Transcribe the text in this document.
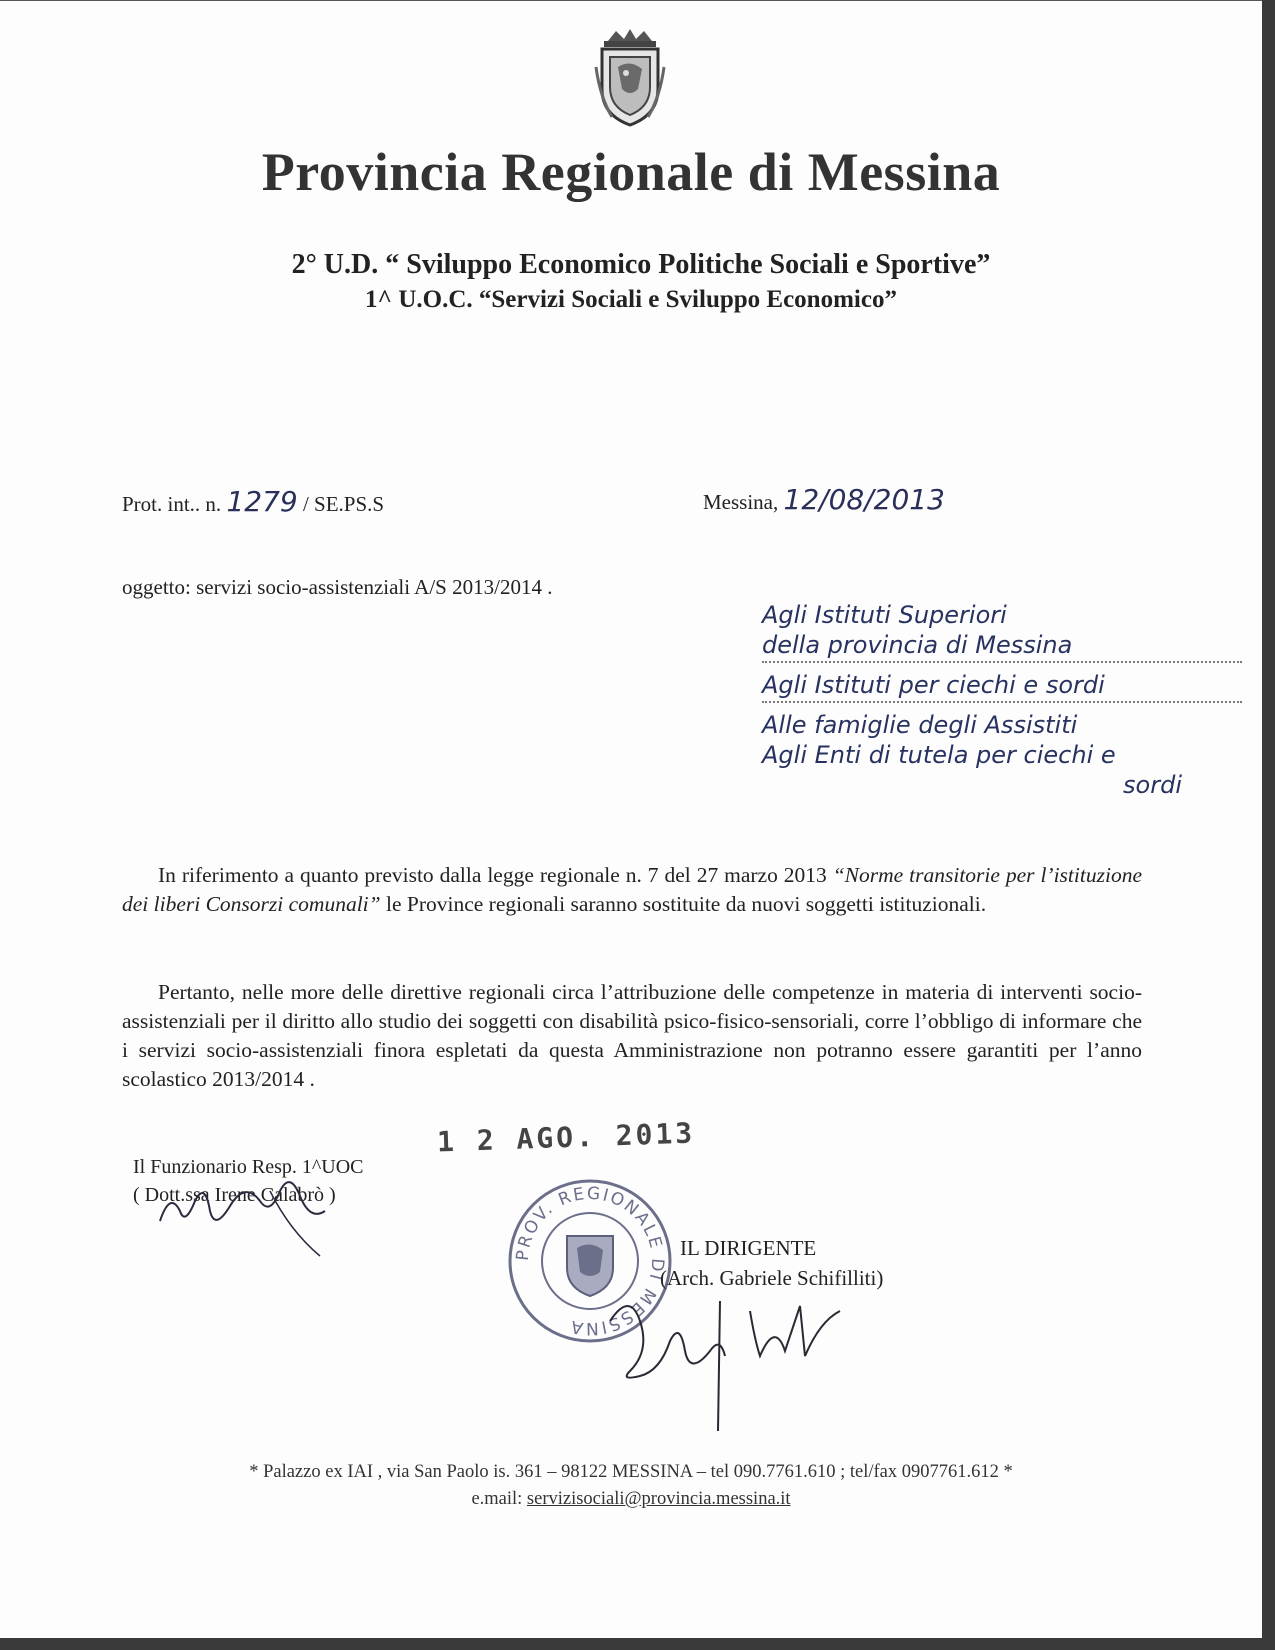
Provincia Regionale di Messina
2° U.D. “ Sviluppo Economico Politiche Sociali e Sportive”
1^ U.O.C. “Servizi Sociali e Sviluppo Economico”
Prot. int.. n. 1279 / SE.PS.S	Messina, 12/08/2013
oggetto: servizi socio-assistenziali A/S 2013/2014 .
Agli Istituti Superiori
della provincia di Messina
Agli Istituti per ciechi e sordi
Alle famiglie degli Assistiti
Agli Enti di tutela per ciechi e
sordi
In riferimento a quanto previsto dalla legge regionale n. 7 del 27 marzo 2013 “Norme transitorie per l’istituzione dei liberi Consorzi comunali” le Province regionali saranno sostituite da nuovi soggetti istituzionali.
Pertanto, nelle more delle direttive regionali circa l’attribuzione delle competenze in materia di interventi socio-assistenziali per il diritto allo studio dei soggetti con disabilità psico-fisico-sensoriali, corre l’obbligo di informare che i servizi socio-assistenziali finora espletati da questa Amministrazione non potranno essere garantiti per l’anno scolastico 2013/2014 .
1 2 AGO. 2013
Il Funzionario Resp. 1^UOC
( Dott.ssa Irene Calabrò )
PROV. REGIONALE DI MESSINA
IL DIRIGENTE
(Arch. Gabriele Schifilliti)
* Palazzo ex IAI , via San Paolo is. 361 – 98122 MESSINA – tel 090.7761.610 ; tel/fax 0907761.612 *
e.mail: servizisociali@provincia.messina.it
